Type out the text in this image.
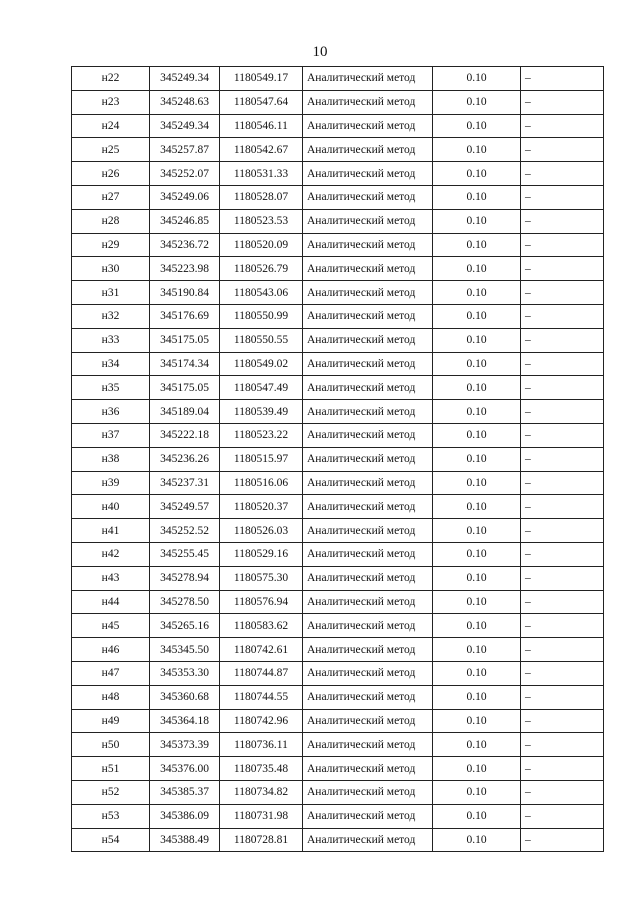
10
н22	345249.34	1180549.17	Аналитический метод	0.10	–
н23	345248.63	1180547.64	Аналитический метод	0.10	–
н24	345249.34	1180546.11	Аналитический метод	0.10	–
н25	345257.87	1180542.67	Аналитический метод	0.10	–
н26	345252.07	1180531.33	Аналитический метод	0.10	–
н27	345249.06	1180528.07	Аналитический метод	0.10	–
н28	345246.85	1180523.53	Аналитический метод	0.10	–
н29	345236.72	1180520.09	Аналитический метод	0.10	–
н30	345223.98	1180526.79	Аналитический метод	0.10	–
н31	345190.84	1180543.06	Аналитический метод	0.10	–
н32	345176.69	1180550.99	Аналитический метод	0.10	–
н33	345175.05	1180550.55	Аналитический метод	0.10	–
н34	345174.34	1180549.02	Аналитический метод	0.10	–
н35	345175.05	1180547.49	Аналитический метод	0.10	–
н36	345189.04	1180539.49	Аналитический метод	0.10	–
н37	345222.18	1180523.22	Аналитический метод	0.10	–
н38	345236.26	1180515.97	Аналитический метод	0.10	–
н39	345237.31	1180516.06	Аналитический метод	0.10	–
н40	345249.57	1180520.37	Аналитический метод	0.10	–
н41	345252.52	1180526.03	Аналитический метод	0.10	–
н42	345255.45	1180529.16	Аналитический метод	0.10	–
н43	345278.94	1180575.30	Аналитический метод	0.10	–
н44	345278.50	1180576.94	Аналитический метод	0.10	–
н45	345265.16	1180583.62	Аналитический метод	0.10	–
н46	345345.50	1180742.61	Аналитический метод	0.10	–
н47	345353.30	1180744.87	Аналитический метод	0.10	–
н48	345360.68	1180744.55	Аналитический метод	0.10	–
н49	345364.18	1180742.96	Аналитический метод	0.10	–
н50	345373.39	1180736.11	Аналитический метод	0.10	–
н51	345376.00	1180735.48	Аналитический метод	0.10	–
н52	345385.37	1180734.82	Аналитический метод	0.10	–
н53	345386.09	1180731.98	Аналитический метод	0.10	–
н54	345388.49	1180728.81	Аналитический метод	0.10	–
